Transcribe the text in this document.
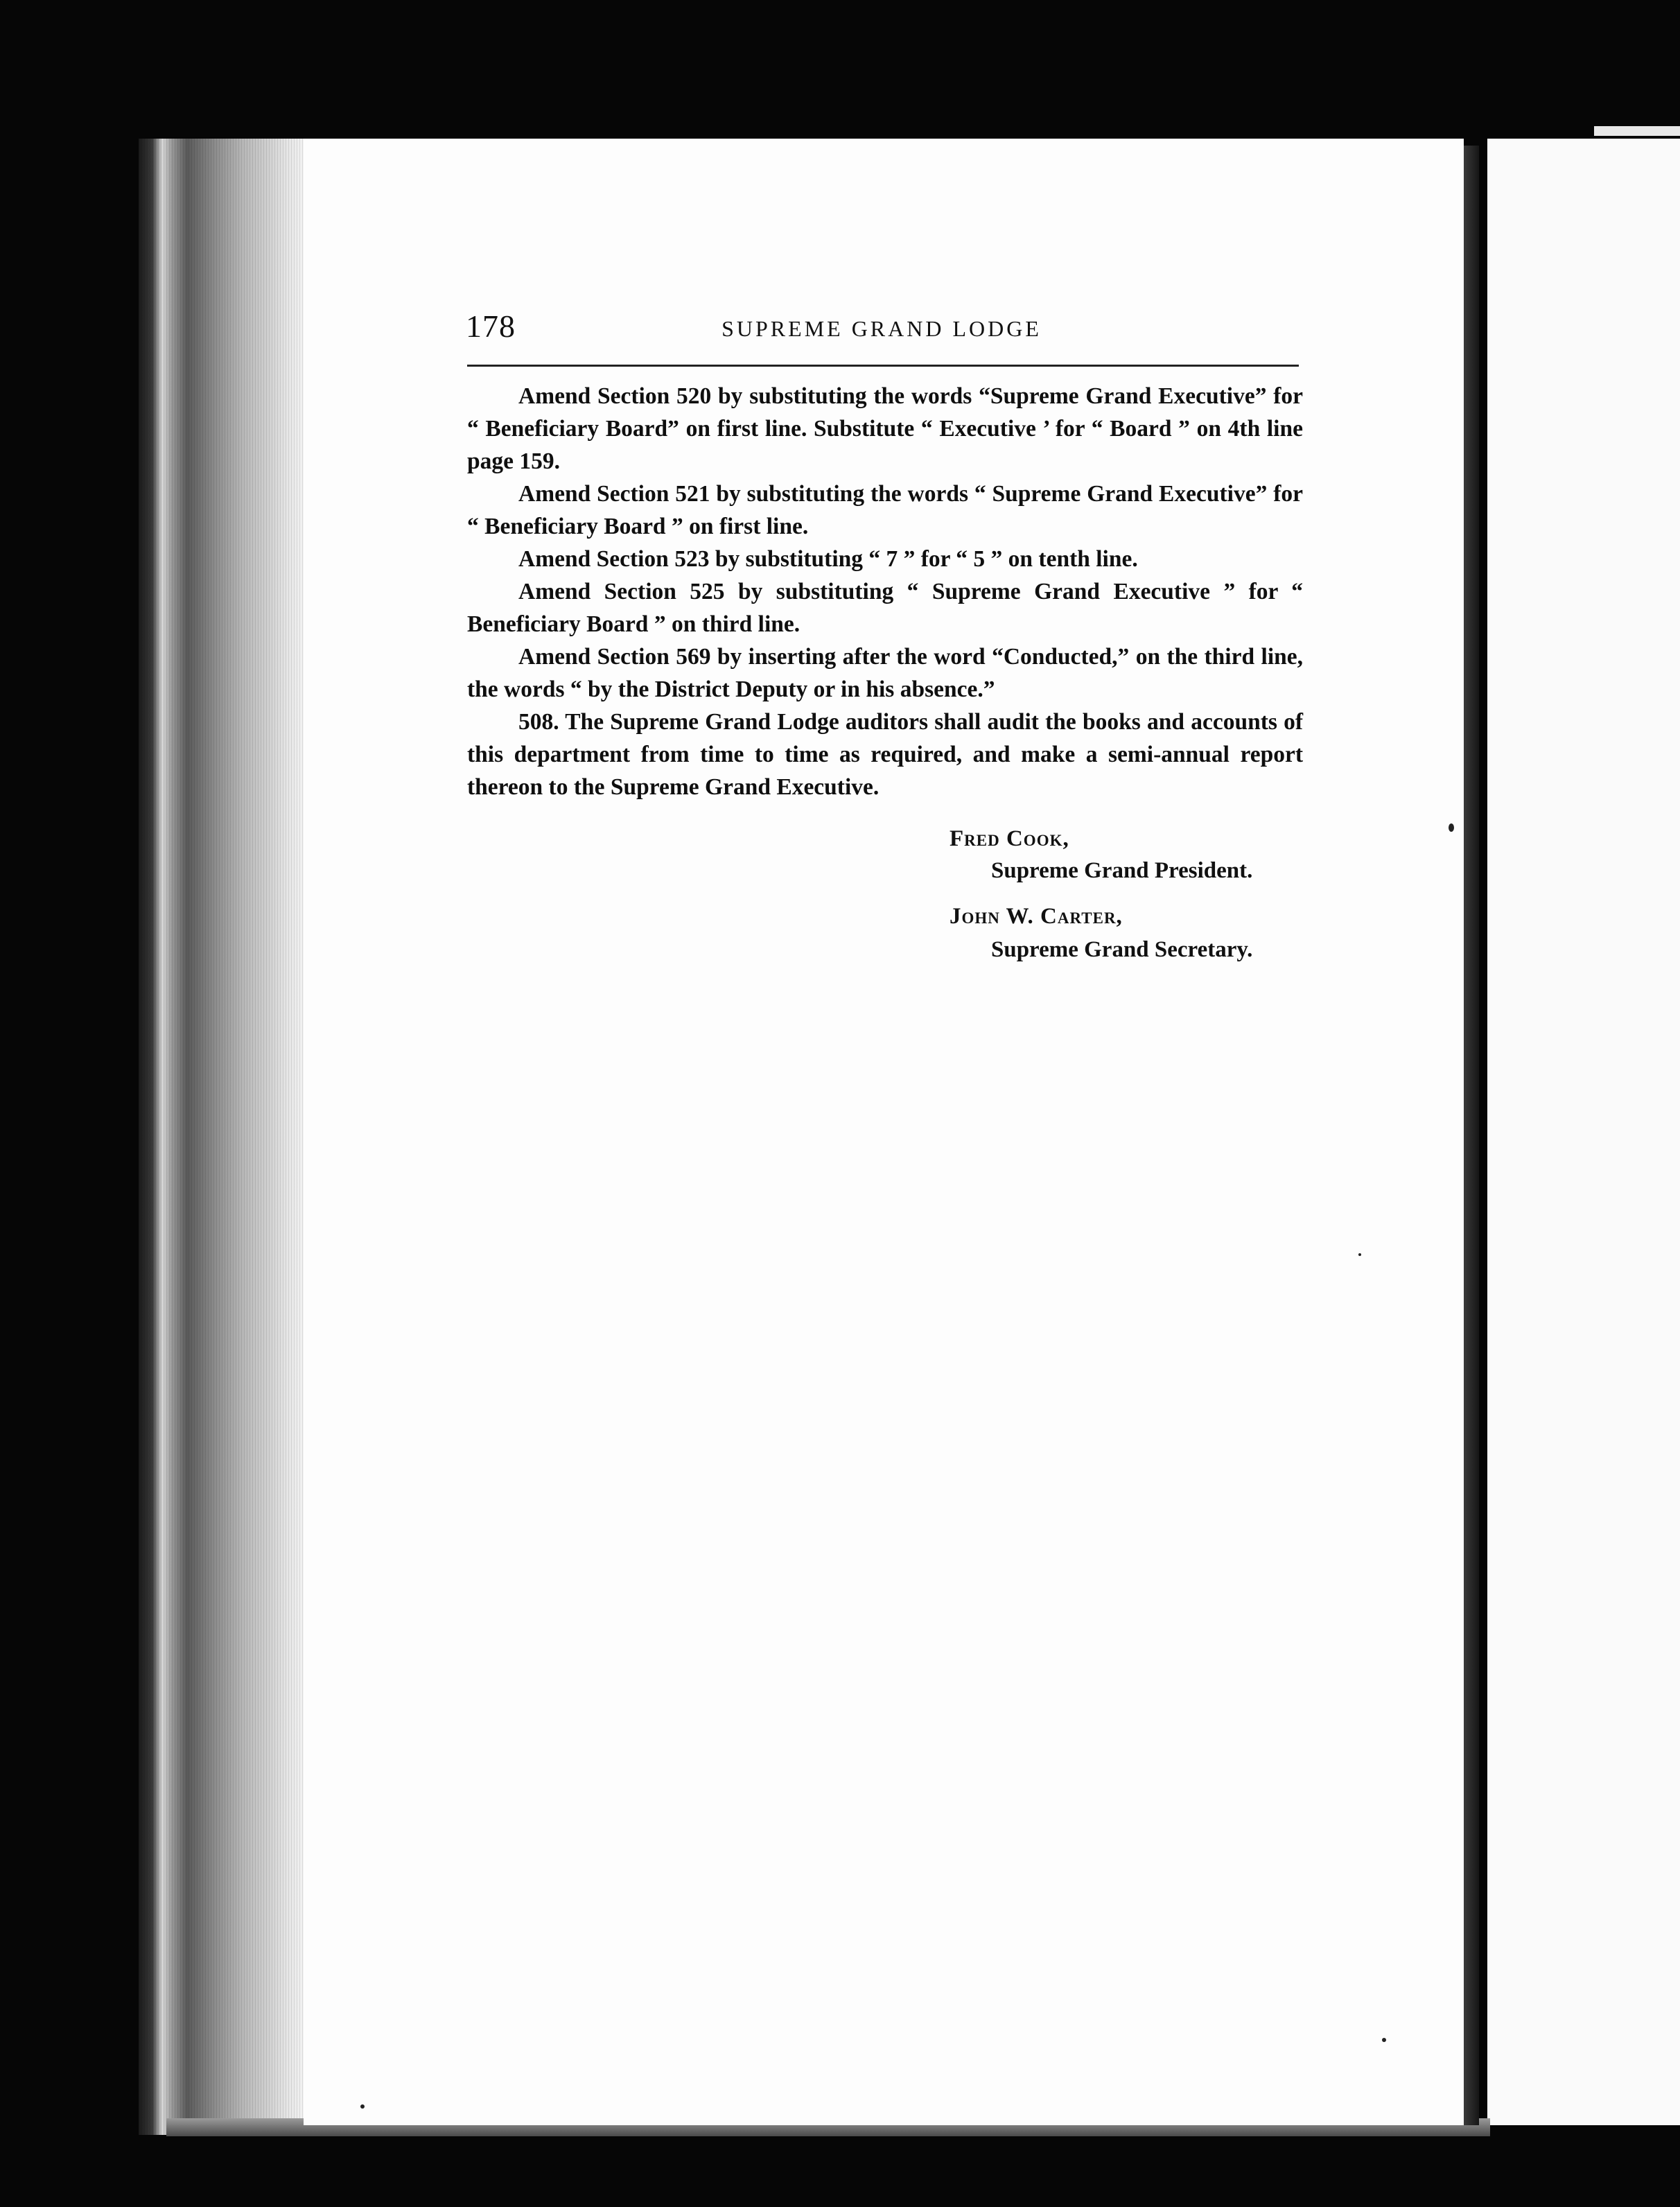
178	SUPREME GRAND LODGE

Amend Section 520 by substituting the words “Supreme Grand Executive” for “ Beneficiary Board” on first line. Substitute “ Executive ’ for “ Board ” on 4th line page 159.

Amend Section 521 by substituting the words “ Supreme Grand Executive” for “ Beneficiary Board ” on first line.

Amend Section 523 by substituting “ 7 ” for “ 5 ” on tenth line.

Amend Section 525 by substituting “ Supreme Grand Executive ” for “ Beneficiary Board ” on third line.

Amend Section 569 by inserting after the word “Conducted,” on the third line, the words “ by the District Deputy or in his absence.”

508. The Supreme Grand Lodge auditors shall audit the books and accounts of this department from time to time as required, and make a semi-annual report thereon to the Supreme Grand Executive.

Fred Cook,
Supreme Grand President.
John W. Carter,
Supreme Grand Secretary.
